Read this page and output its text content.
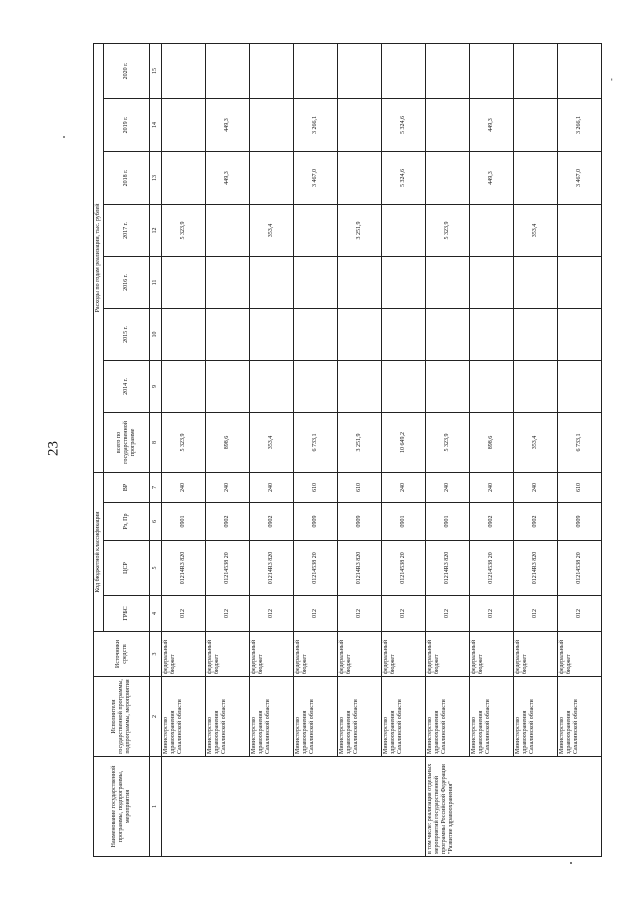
23
-
Наименование государственной программы, подпрограммы, мероприятия	Исполнители государственной программы, подпрограммы, мероприятия	Источники средств	Код бюджетной классификации				Расходы по годам реализации, тыс. рублей							
			ГРБС	ЦСР	Рз, Пр	ВР	всего по государственной программе	2014 г.	2015 г.	2016 г.	2017 г.	2018 г.	2019 г.	2020 г.
1	2	3	4	5	6	7	8	9	10	11	12	13	14	15
	Министерство здравоохранения Сахалинской области	федеральный бюджет	012	01214R3 820	0901	240	5 323,9				5 323,9			
	Министерство здравоохранения Сахалинской области	федеральный бюджет	012	01214538 20	0902	240	898,6					449,3	449,3	
	Министерство здравоохранения Сахалинской области	федеральный бюджет	012	01214R3 820	0902	240	353,4				353,4			
	Министерство здравоохранения Сахалинской области	федеральный бюджет	012	01214538 20	0909	610	6 733,1					3 467,0	3 266,1	
	Министерство здравоохранения Сахалинской области	федеральный бюджет	012	01214R3 820	0909	610	3 251,9				3 251,9			
	Министерство здравоохранения Сахалинской области	федеральный бюджет	012	01214538 20	0901	240	10 649,2					5 324,6	5 324,6	
в том числе: реализация отдельных мероприятий государственной программы Российской Федерации "Развитие здравоохранения"	Министерство здравоохранения Сахалинской области	федеральный бюджет	012	01214R3 820	0901	240	5 323,9				5 323,9			
	Министерство здравоохранения Сахалинской области	федеральный бюджет	012	01214538 20	0902	240	898,6					449,3	449,3	
	Министерство здравоохранения Сахалинской области	федеральный бюджет	012	01214R3 820	0902	240	353,4				353,4			
	Министерство здравоохранения Сахалинской области	федеральный бюджет	012	01214538 20	0909	610	6 733,1					3 467,0	3 266,1	
